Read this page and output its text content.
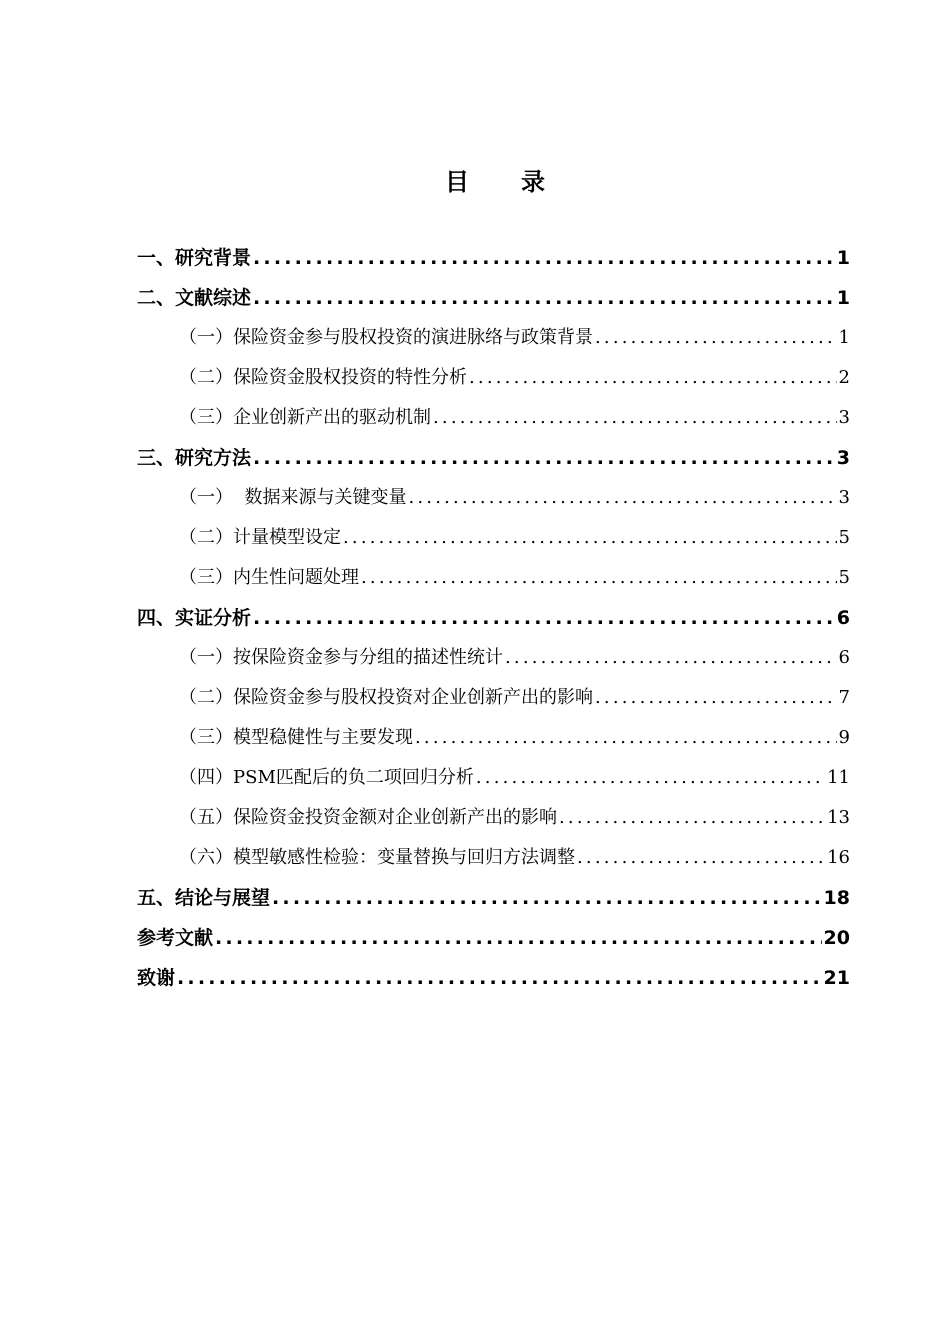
目 录
一、研究背景 .....	1
二、文献综述 .....	1
（一）保险资金参与股权投资的演进脉络与政策背景 .....	1
（二）保险资金股权投资的特性分析 .....	2
（三）企业创新产出的驱动机制 .....	3
三、研究方法 .....	3
（一）  数据来源与关键变量 .....	3
（二）计量模型设定 .....	5
（三）内生性问题处理 .....	5
四、实证分析 .....	6
（一）按保险资金参与分组的描述性统计 .....	6
（二）保险资金参与股权投资对企业创新产出的影响 .....	7
（三）模型稳健性与主要发现 .....	9
（四）PSM匹配后的负二项回归分析 .....	11
（五）保险资金投资金额对企业创新产出的影响 .....	13
（六）模型敏感性检验：变量替换与回归方法调整 .....	16
五、结论与展望 .....	18
参考文献 .....	20
致谢 .....	21
